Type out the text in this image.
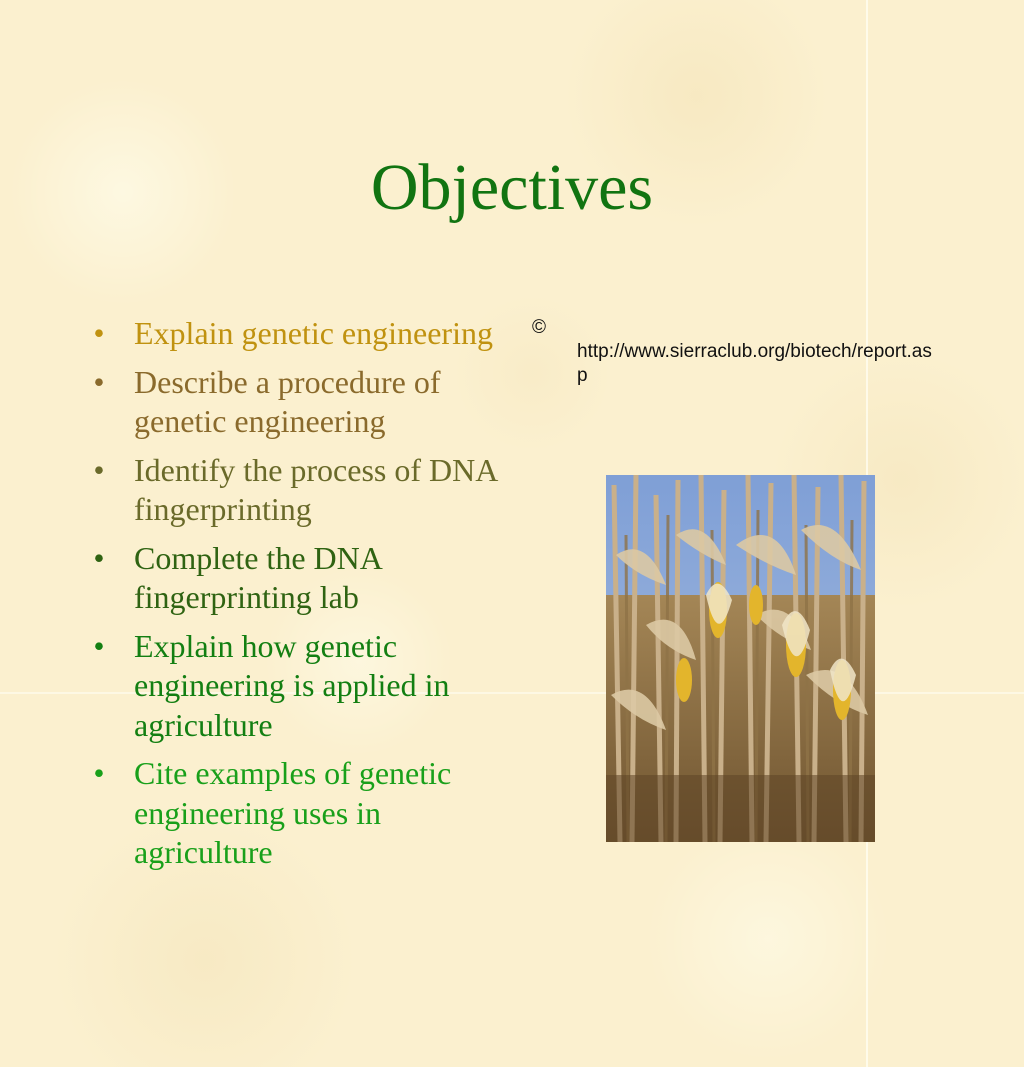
Objectives
• Explain genetic engineering
• Describe a procedure of genetic engineering
• Identify the process of DNA fingerprinting
• Complete the DNA fingerprinting lab
• Explain how genetic engineering is applied in agriculture
• Cite examples of genetic engineering uses in agriculture
©
http://www.sierraclub.org/biotech/report.asp
